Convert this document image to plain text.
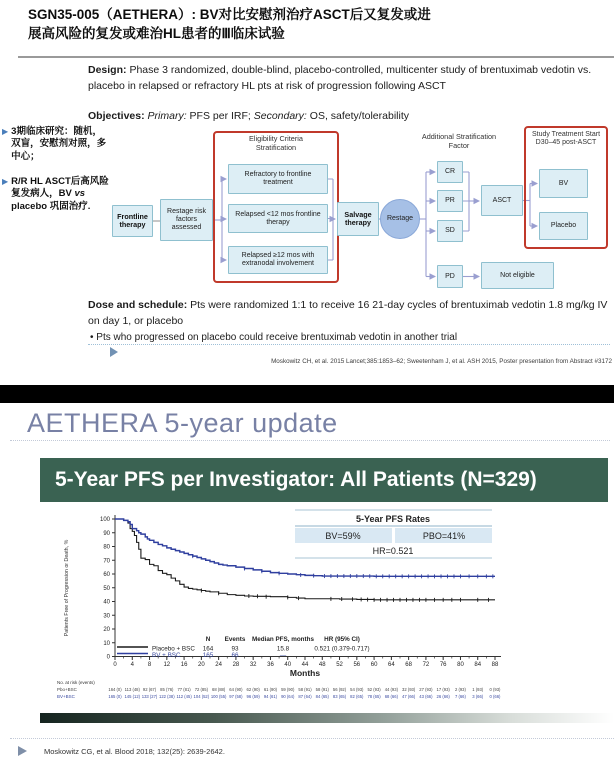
SGN35-005（AETHERA）: BV对比安慰剂治疗ASCT后又复发或进
展高风险的复发或难治HL患者的Ⅲ临床试验

Design: Phase 3 randomized, double-blind, placebo-controlled, multicenter study of brentuximab vedotin vs. placebo in relapsed or refractory HL pts at risk of progression following ASCT

Objectives: Primary: PFS per IRF; Secondary: OS, safety/tolerability

▶ 3期临床研究：随机，双盲，安慰剂对照，多中心；
▶ R/R HL ASCT后高风险复发病人，BV vs placebo 巩固治疗.
Eligibility Criteria Stratification
Additional Stratification Factor
Study Treatment Start D30–45 post-ASCT
Frontline therapy
Restage risk factors assessed
Refractory to frontline treatment
Relapsed <12 mos frontline therapy
Relapsed ≥12 mos with extranodal involvement
Salvage therapy	Restage
CR
PR
SD
PD
ASCT
BV
Placebo
Not eligible

Dose and schedule: Pts were randomized 1:1 to receive 16 21-day cycles of brentuximab vedotin 1.8 mg/kg IV on day 1, or placebo

• Pts who progressed on placebo could receive brentuximab vedotin in another trial

Moskowitz CH, et al. 2015 Lancet;385:1853–62; Sweetenham J, et al. ASH 2015, Poster presentation from Abstract #3172

AETHERA 5-year update
5-Year PFS per Investigator: All Patients (N=329)
5-Year PFS Rates
BV=59%	PBO=41%
HR=0.521
0
10
20
30
40
50
60
70
80
90
100
0 4 8 12 16 20 24 28 32 36 40 44 48 52 56 60 64 68 72 76 80 84 88
Months
Patients Free of Progression or Death, %
N Events Median PFS, months HR (95% CI)
Placebo + BSC 164	93	15.8	0.521 (0.379-0.717)
BV + BSC	165	66	—
No. at risk (events)
Pbo+BSC	164 (0) 113 (48) 92 (67) 85 (76) 77 (81) 72 (85) 68 (88) 64 (90) 62 (90) 61 (90) 59 (90) 58 (91) 58 (91) 56 (92) 54 (93) 52 (93) 44 (93) 32 (93) 27 (93) 17 (93) 2 (93) 1 (93) 0 (93)
BV+BSC	165 (0) 145 (12) 133 (27) 122 (38) 112 (45) 104 (52) 100 (55) 97 (58) 96 (59) 94 (61) 90 (64) 87 (64) 84 (65) 83 (65) 82 (65) 78 (65) 68 (66) 47 (66) 43 (66) 26 (66) 7 (66) 3 (66) 0 (66)

Moskowitz CG, et al. Blood 2018; 132(25): 2639-2642.
